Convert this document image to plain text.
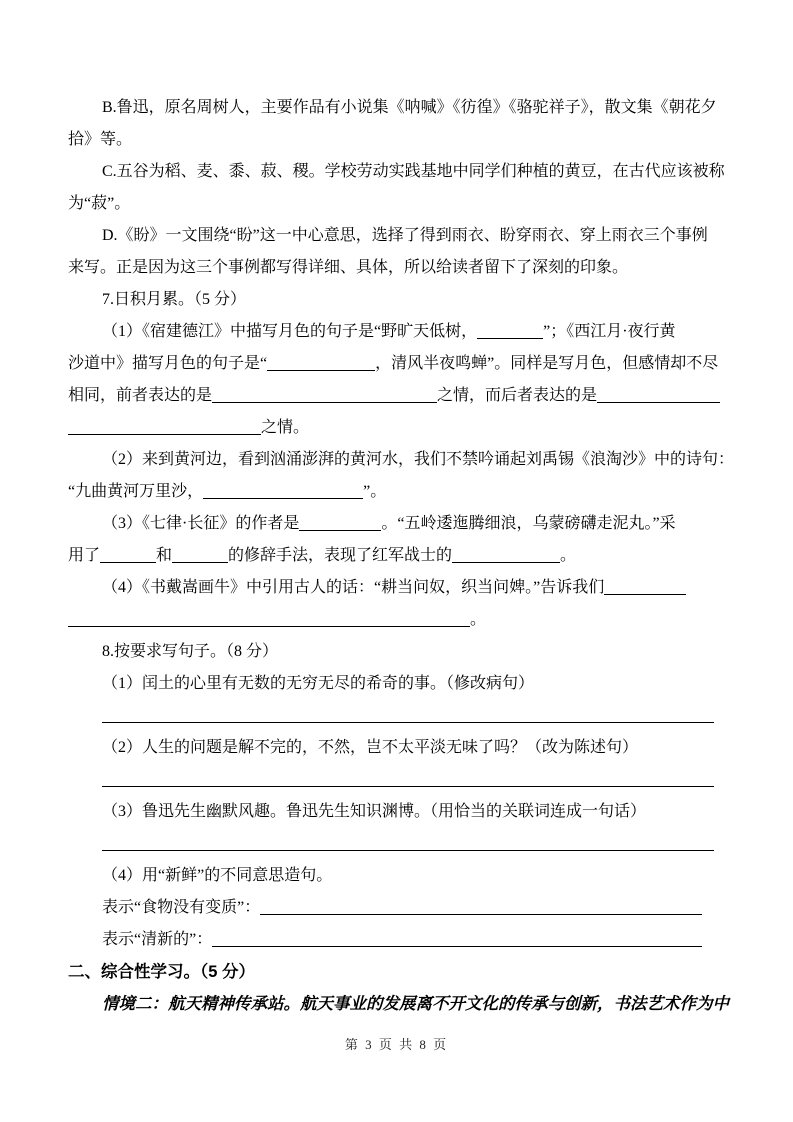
B.鲁迅，原名周树人，主要作品有小说集《呐喊》《彷徨》《骆驼祥子》，散文集《朝花夕
拾》等。
C.五谷为稻、麦、黍、菽、稷。学校劳动实践基地中同学们种植的黄豆，在古代应该被称
为“菽”。
D.《盼》一文围绕“盼”这一中心意思，选择了得到雨衣、盼穿雨衣、穿上雨衣三个事例
来写。正是因为这三个事例都写得详细、具体，所以给读者留下了深刻的印象。
7.日积月累。（5 分）
（1）《宿建德江》中描写月色的句子是“野旷天低树，	”；《西江月·夜行黄
沙道中》描写月色的句子是“	，清风半夜鸣蝉”。同样是写月色，但感情却不尽
相同，前者表达的是	之情，而后者表达的是
之情。
（2）来到黄河边，看到汹涌澎湃的黄河水，我们不禁吟诵起刘禹锡《浪淘沙》中的诗句：
“九曲黄河万里沙，	”。
（3）《七律·长征》的作者是	。“五岭逶迤腾细浪，乌蒙磅礴走泥丸。”采
用了	和	的修辞手法，表现了红军战士的	。
（4）《书戴嵩画牛》中引用古人的话：“耕当问奴，织当问婢。”告诉我们
。
8.按要求写句子。（8 分）
（1）闰土的心里有无数的无穷无尽的希奇的事。（修改病句）
（2）人生的问题是解不完的，不然，岂不太平淡无味了吗？（改为陈述句）
（3）鲁迅先生幽默风趣。鲁迅先生知识渊博。（用恰当的关联词连成一句话）
（4）用“新鲜”的不同意思造句。
表示“食物没有变质”：
表示“清新的”：
二、综合性学习。（5 分）
情境二：航天精神传承站。航天事业的发展离不开文化的传承与创新，书法艺术作为中
第 3 页 共 8 页
